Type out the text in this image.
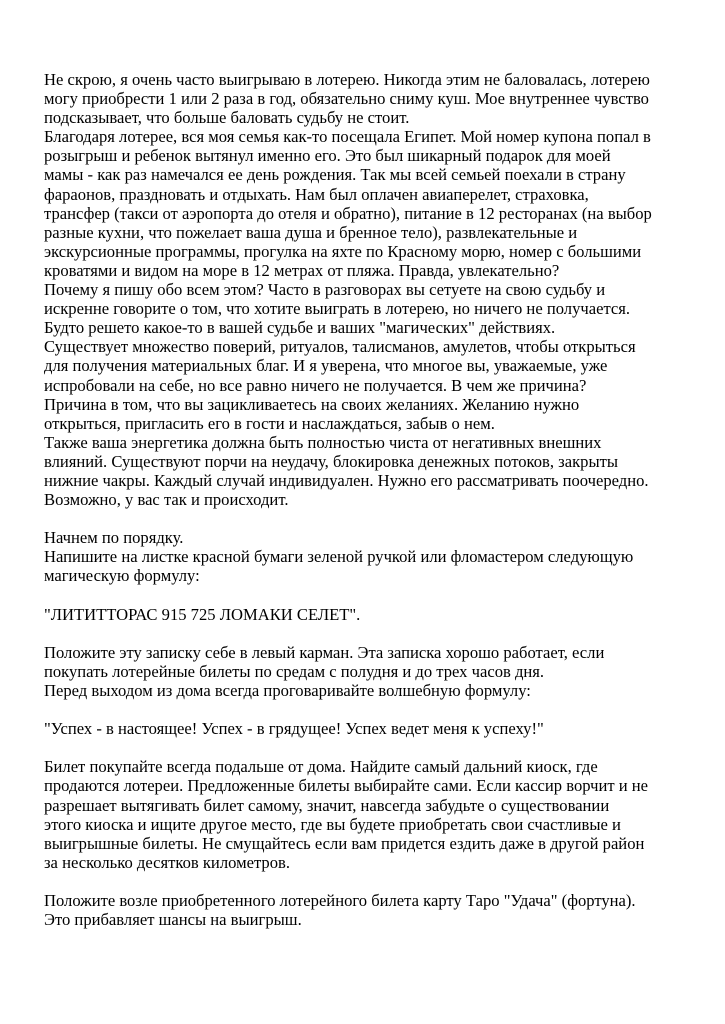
Не скрою, я очень часто выигрываю в лотерею. Никогда этим не баловалась, лотерею
могу приобрести 1 или 2 раза в год, обязательно сниму куш. Мое внутреннее чувство
подсказывает, что больше баловать судьбу не стоит.
Благодаря лотерее, вся моя семья как-то посещала Египет. Мой номер купона попал в
розыгрыш и ребенок вытянул именно его. Это был шикарный подарок для моей
мамы - как раз намечался ее день рождения. Так мы всей семьей поехали в страну
фараонов, праздновать и отдыхать. Нам был оплачен авиаперелет, страховка,
трансфер (такси от аэропорта до отеля и обратно), питание в 12 ресторанах (на выбор
разные кухни, что пожелает ваша душа и бренное тело), развлекательные и
экскурсионные программы, прогулка на яхте по Красному морю, номер с большими
кроватями и видом на море в 12 метрах от пляжа. Правда, увлекательно?
Почему я пишу обо всем этом? Часто в разговорах вы сетуете на свою судьбу и
искренне говорите о том, что хотите выиграть в лотерею, но ничего не получается.
Будто решето какое-то в вашей судьбе и ваших "магических" действиях.
Существует множество поверий, ритуалов, талисманов, амулетов, чтобы открыться
для получения материальных благ. И я уверена, что многое вы, уважаемые, уже
испробовали на себе, но все равно ничего не получается. В чем же причина?
Причина в том, что вы зацикливаетесь на своих желаниях. Желанию нужно
открыться, пригласить его в гости и наслаждаться, забыв о нем.
Также ваша энергетика должна быть полностью чиста от негативных внешних
влияний. Существуют порчи на неудачу, блокировка денежных потоков, закрыты
нижние чакры. Каждый случай индивидуален. Нужно его рассматривать поочередно.
Возможно, у вас так и происходит.
Начнем по порядку.
Напишите на листке красной бумаги зеленой ручкой или фломастером следующую
магическую формулу:
"ЛИТИТТОРАС 915 725 ЛОМАКИ СЕЛЕТ".
Положите эту записку себе в левый карман. Эта записка хорошо работает, если
покупать лотерейные билеты по средам с полудня и до трех часов дня.
Перед выходом из дома всегда проговаривайте волшебную формулу:
"Успех - в настоящее! Успех - в грядущее! Успех ведет меня к успеху!"
Билет покупайте всегда подальше от дома. Найдите самый дальний киоск, где
продаются лотереи. Предложенные билеты выбирайте сами. Если кассир ворчит и не
разрешает вытягивать билет самому, значит, навсегда забудьте о существовании
этого киоска и ищите другое место, где вы будете приобретать свои счастливые и
выигрышные билеты. Не смущайтесь если вам придется ездить даже в другой район
за несколько десятков километров.
Положите возле приобретенного лотерейного билета карту Таро "Удача" (фортуна).
Это прибавляет шансы на выигрыш.
